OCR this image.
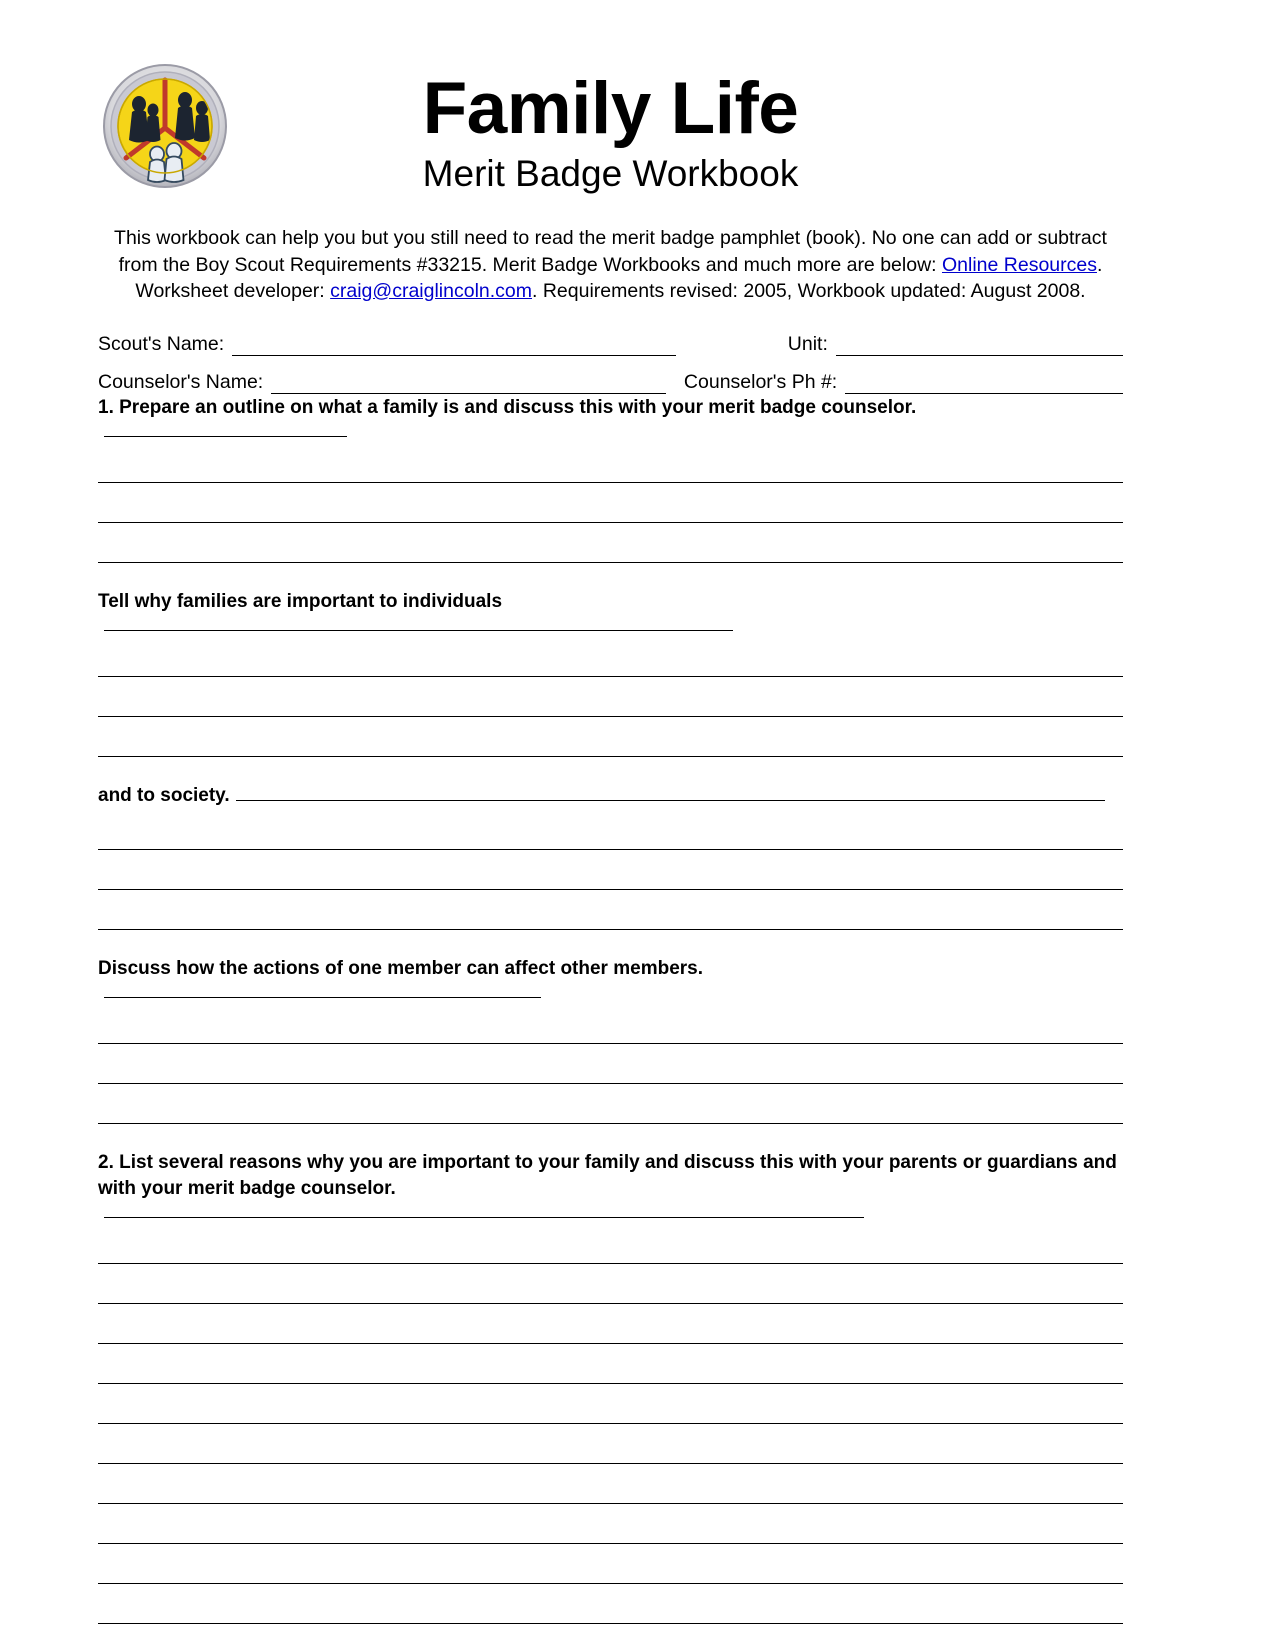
Family Life
Merit Badge Workbook
This workbook can help you but you still need to read the merit badge pamphlet (book). No one can add or subtract from the Boy Scout Requirements #33215. Merit Badge Workbooks and much more are below: Online Resources.
Worksheet developer: craig@craiglincoln.com. Requirements revised: 2005, Workbook updated: August 2008.
Scout's Name:	Unit:
Counselor's Name:	Counselor's Ph #:
1. Prepare an outline on what a family is and discuss this with your merit badge counselor.
Tell why families are important to individuals
and to society.
Discuss how the actions of one member can affect other members.
2. List several reasons why you are important to your family and discuss this with your parents or guardians and with your merit badge counselor.
